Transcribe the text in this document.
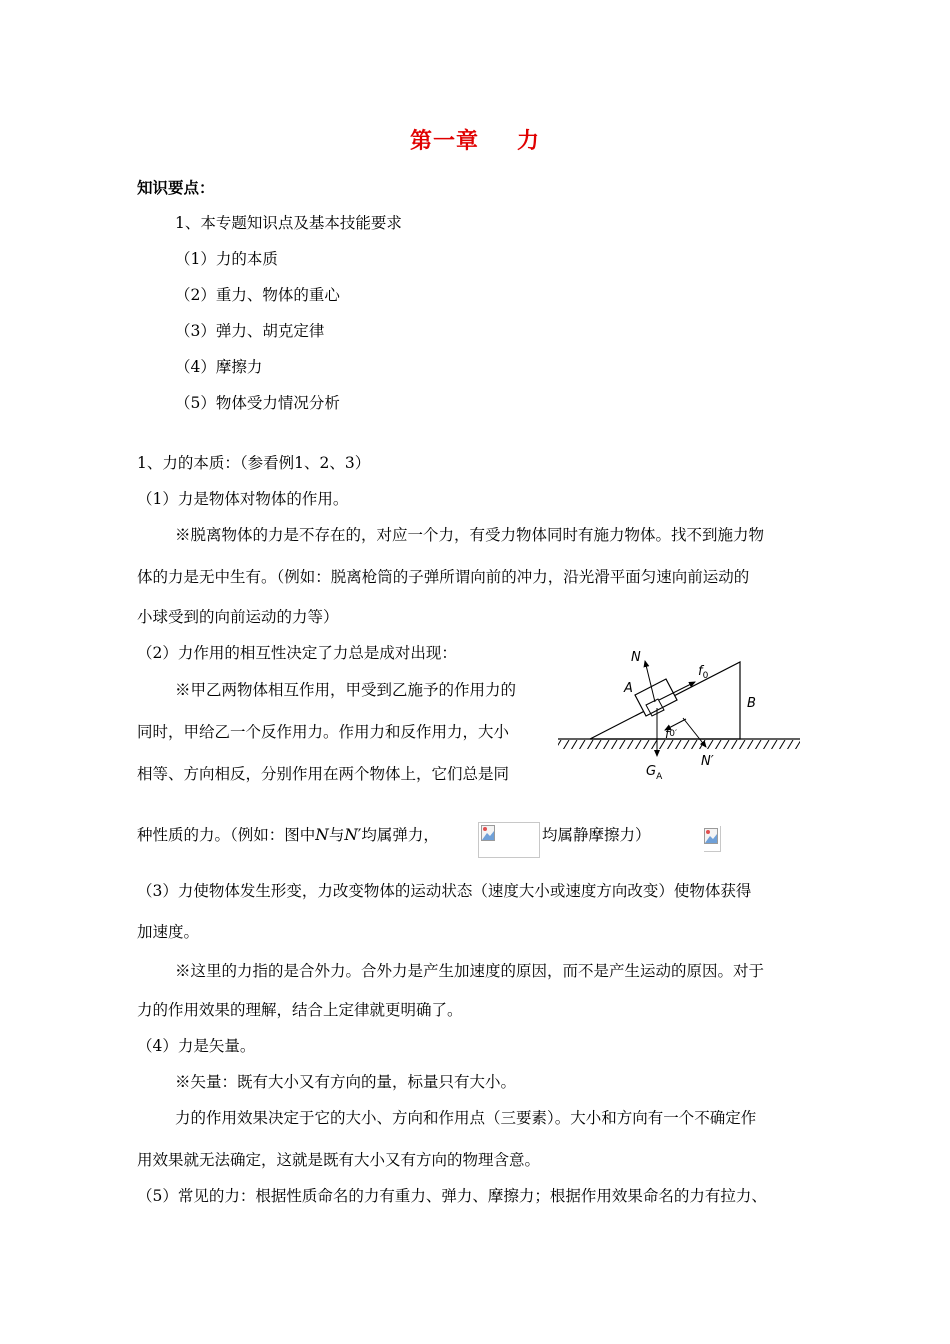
第一章 力
知识要点：
1、本专题知识点及基本技能要求
（1）力的本质
（2）重力、物体的重心
（3）弹力、胡克定律
（4）摩擦力
（5）物体受力情况分析
1、力的本质：（参看例1、2、3）
（1）力是物体对物体的作用。
※脱离物体的力是不存在的，对应一个力，有受力物体同时有施力物体。找不到施力物
体的力是无中生有。（例如：脱离枪筒的子弹所谓向前的冲力，沿光滑平面匀速向前运动的
小球受到的向前运动的力等）
（2）力作用的相互性决定了力总是成对出现：
※甲乙两物体相互作用，甲受到乙施予的作用力的
同时，甲给乙一个反作用力。作用力和反作用力，大小
相等、方向相反，分别作用在两个物体上，它们总是同
种性质的力。（例如：图中N与N′均属弹力，	均属静摩擦力）
N
$f_0$
A
B
f0′
$G_A$
N′
（3）力使物体发生形变，力改变物体的运动状态（速度大小或速度方向改变）使物体获得
加速度。
※这里的力指的是合外力。合外力是产生加速度的原因，而不是产生运动的原因。对于
力的作用效果的理解，结合上定律就更明确了。
（4）力是矢量。
※矢量：既有大小又有方向的量，标量只有大小。
力的作用效果决定于它的大小、方向和作用点（三要素）。大小和方向有一个不确定作
用效果就无法确定，这就是既有大小又有方向的物理含意。
（5）常见的力：根据性质命名的力有重力、弹力、摩擦力；根据作用效果命名的力有拉力、
